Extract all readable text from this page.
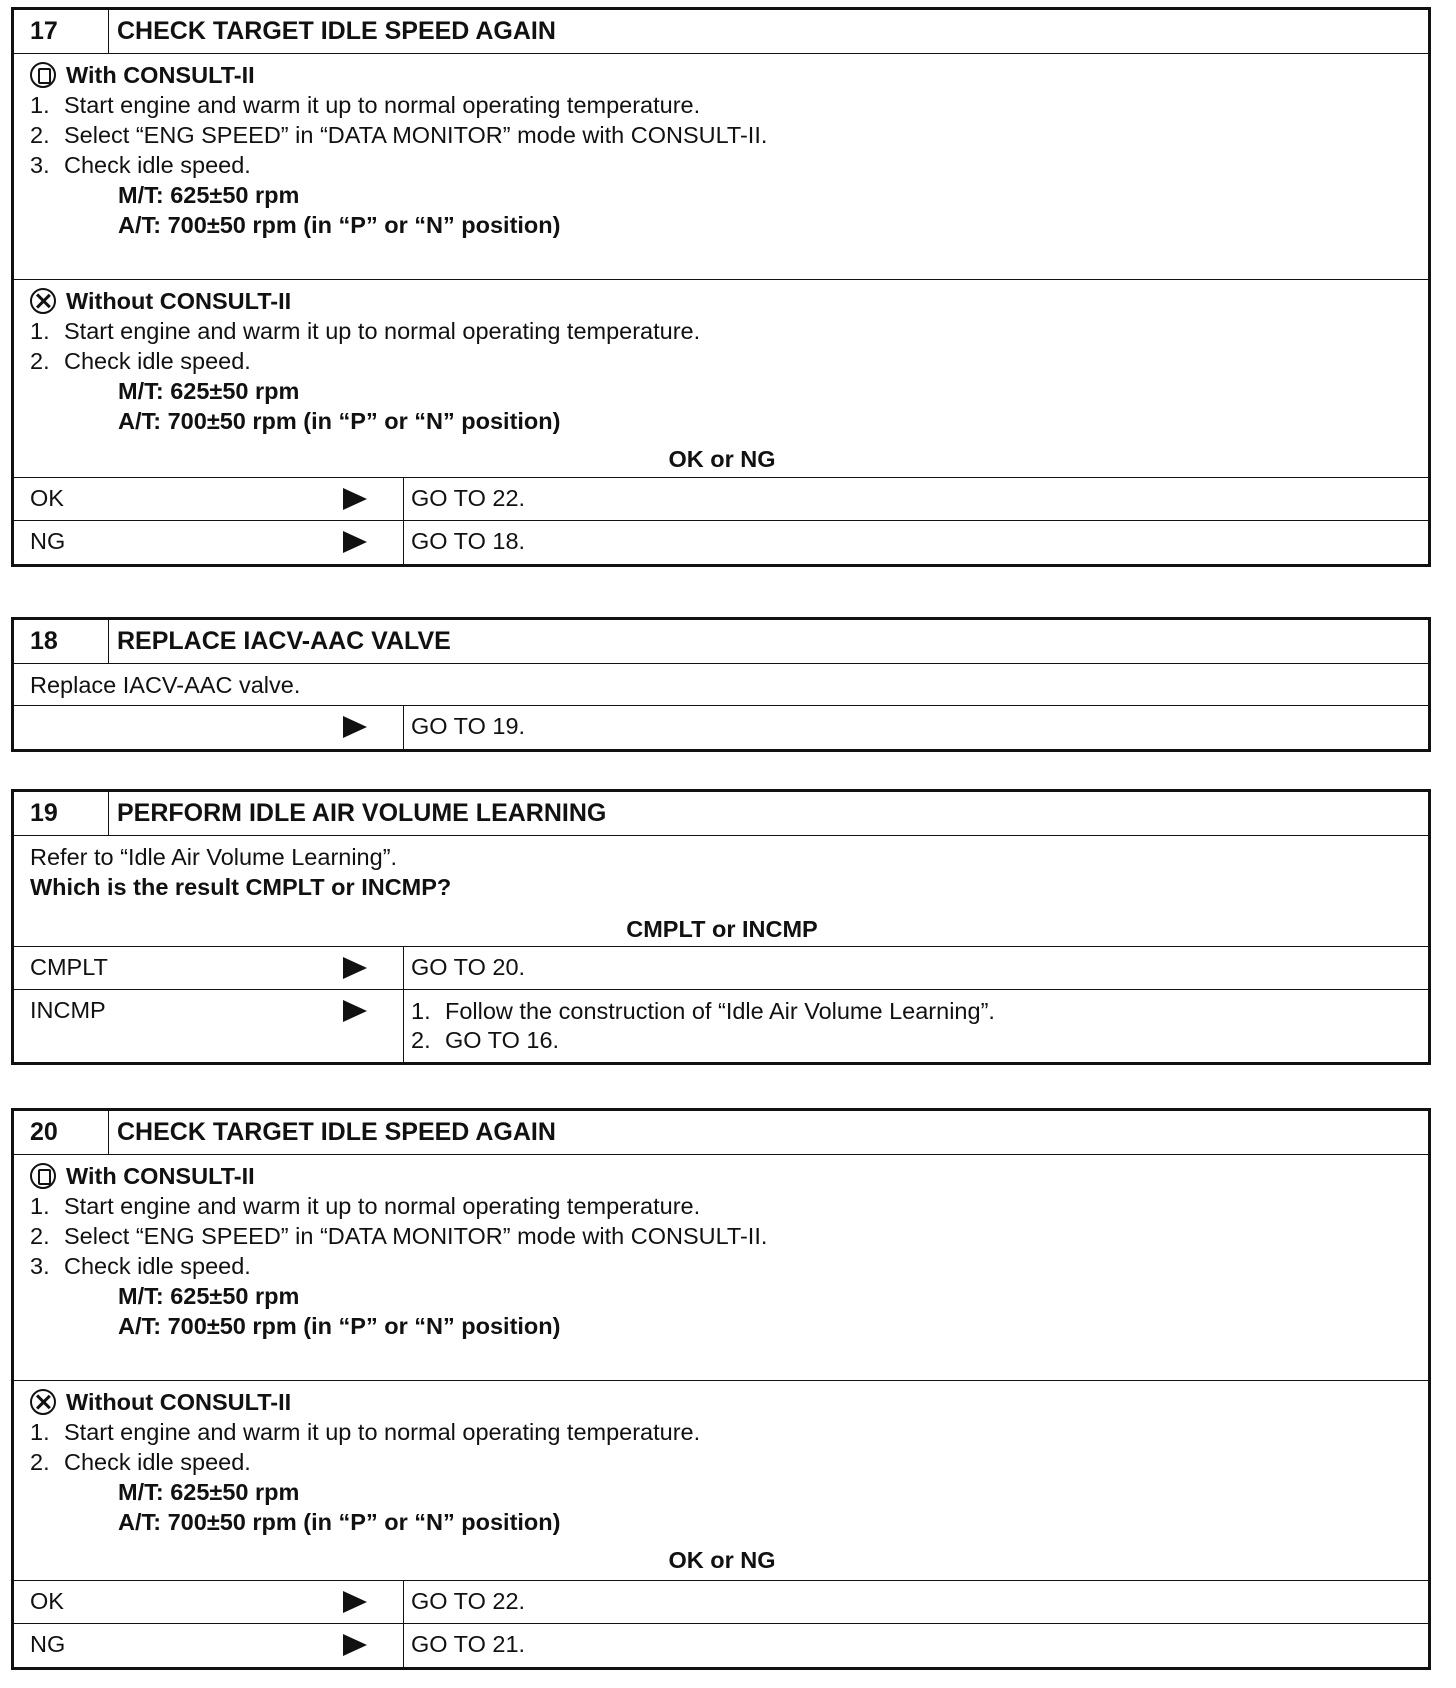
17	CHECK TARGET IDLE SPEED AGAIN
With CONSULT-II
1. Start engine and warm it up to normal operating temperature.
2. Select “ENG SPEED” in “DATA MONITOR” mode with CONSULT-II.
3. Check idle speed.
M/T: 625±50 rpm
A/T: 700±50 rpm (in “P” or “N” position)
Without CONSULT-II
1. Start engine and warm it up to normal operating temperature.
2. Check idle speed.
M/T: 625±50 rpm
A/T: 700±50 rpm (in “P” or “N” position)
OK or NG
OK	GO TO 22.
NG	GO TO 18.
18	REPLACE IACV-AAC VALVE
Replace IACV-AAC valve.
GO TO 19.
19	PERFORM IDLE AIR VOLUME LEARNING
Refer to “Idle Air Volume Learning”.
Which is the result CMPLT or INCMP?
CMPLT or INCMP
CMPLT	GO TO 20.
INCMP	1. Follow the construction of “Idle Air Volume Learning”.
2. GO TO 16.
20	CHECK TARGET IDLE SPEED AGAIN
With CONSULT-II
1. Start engine and warm it up to normal operating temperature.
2. Select “ENG SPEED” in “DATA MONITOR” mode with CONSULT-II.
3. Check idle speed.
M/T: 625±50 rpm
A/T: 700±50 rpm (in “P” or “N” position)
Without CONSULT-II
1. Start engine and warm it up to normal operating temperature.
2. Check idle speed.
M/T: 625±50 rpm
A/T: 700±50 rpm (in “P” or “N” position)
OK or NG
OK	GO TO 22.
NG	GO TO 21.
